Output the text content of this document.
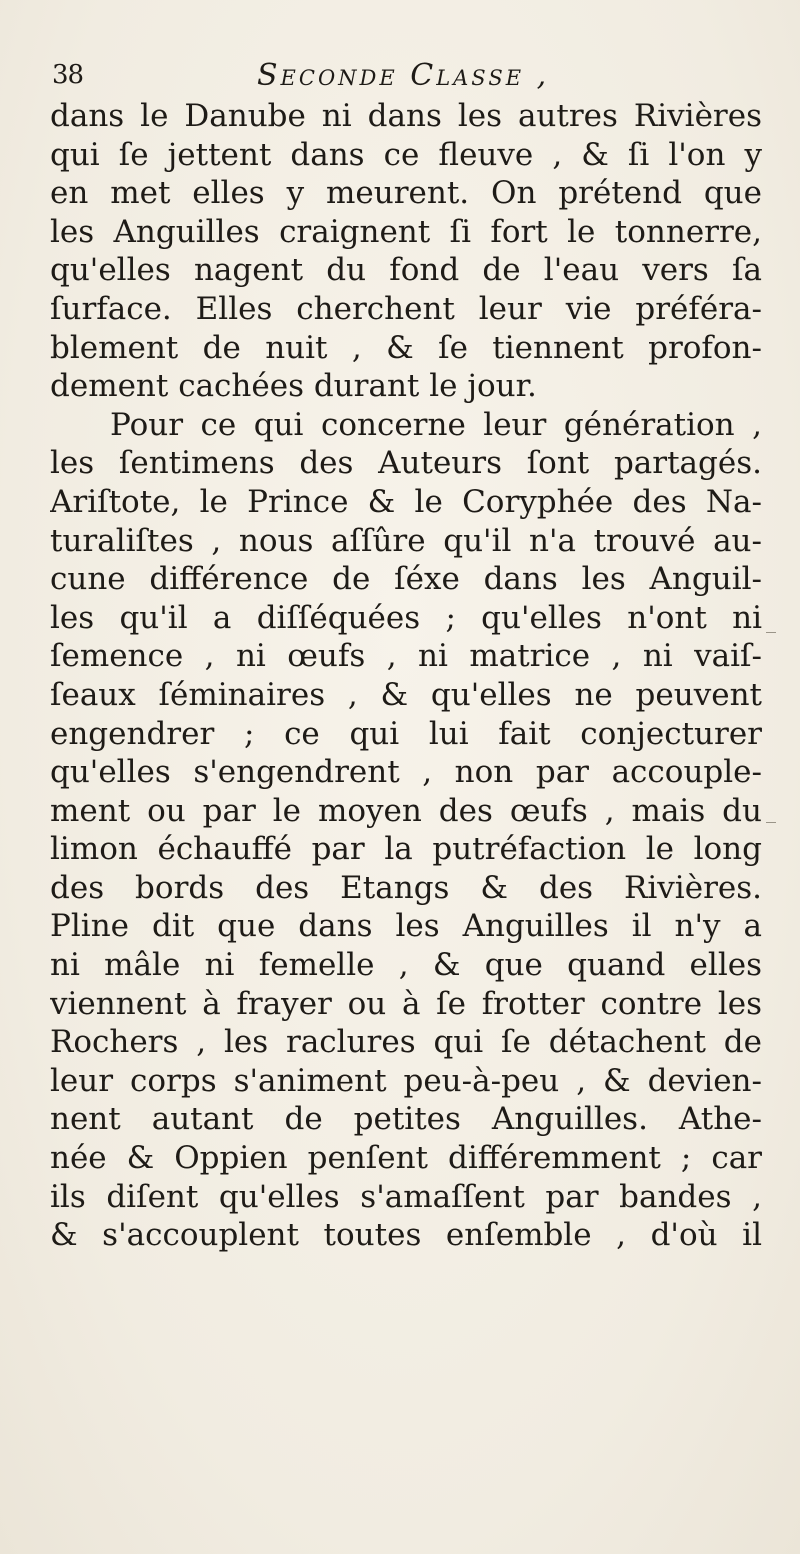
38	Seconde Classe ,
dans le Danube ni dans les autres Rivières
qui ſe jettent dans ce fleuve , & ſi l'on y
en met elles y meurent. On prétend que
les Anguilles craignent ſi fort le tonnerre,
qu'elles nagent du fond de l'eau vers ſa
ſurface. Elles cherchent leur vie préféra-
blement de nuit , & ſe tiennent profon-
dement cachées durant le jour.
Pour ce qui concerne leur génération ,
les ſentimens des Auteurs ſont partagés.
Ariſtote, le Prince & le Coryphée des Na-
turaliſtes , nous aſſûre qu'il n'a trouvé au-
cune différence de ſéxe dans les Anguil-
les qu'il a diſſéquées ; qu'elles n'ont ni
ſemence , ni œufs , ni matrice , ni vaiſ-
ſeaux ſéminaires , & qu'elles ne peuvent
engendrer ; ce qui lui fait conjecturer
qu'elles s'engendrent , non par accouple-
ment ou par le moyen des œufs , mais du
limon échauffé par la putréfaction le long
des bords des Etangs & des Rivières.
Pline dit que dans les Anguilles il n'y a
ni mâle ni femelle , & que quand elles
viennent à frayer ou à ſe frotter contre les
Rochers , les raclures qui ſe détachent de
leur corps s'animent peu-à-peu , & devien-
nent autant de petites Anguilles. Athe-
née & Oppien penſent différemment ; car
ils diſent qu'elles s'amaſſent par bandes ,
& s'accouplent toutes enſemble , d'où il
